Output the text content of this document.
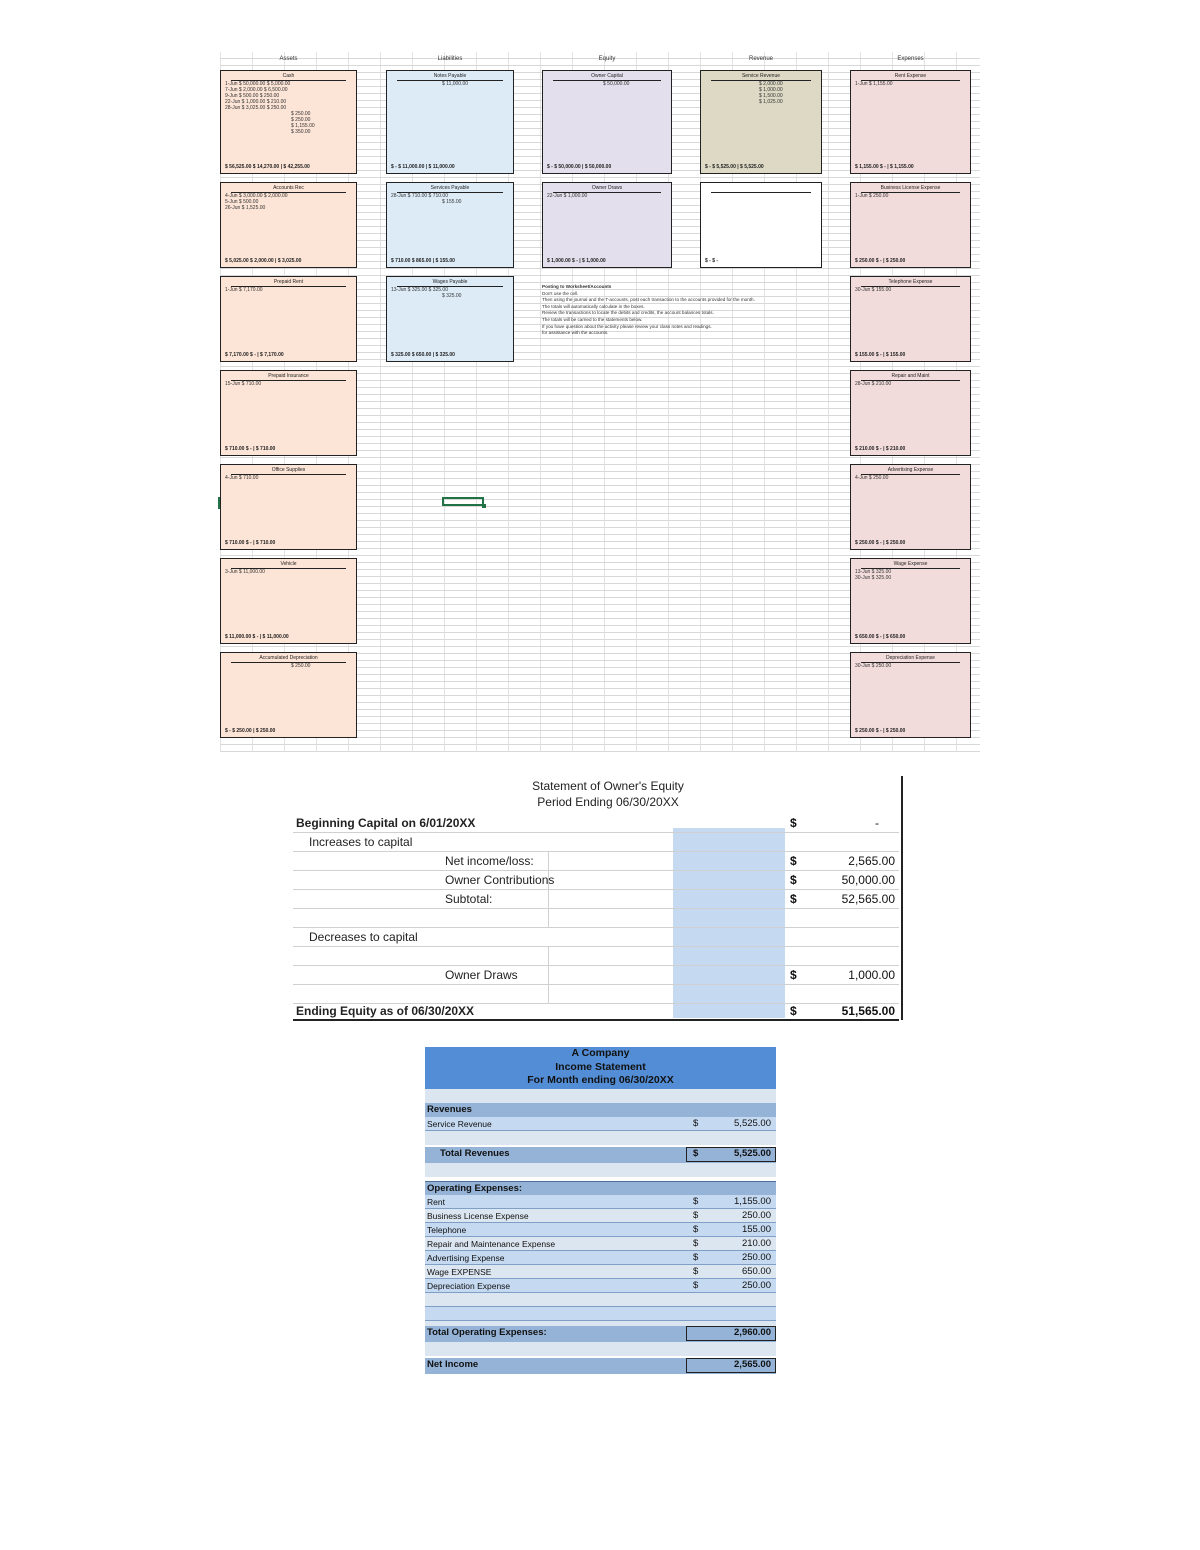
Assets	Liabilities	Equity	Revenue	Expenses
Cash
1-Jun $ 50,000.00 $ 5,000.00
7-Jun $ 2,000.00 $ 6,500.00
9-Jun $ 500.00 $ 250.00
22-Jun $ 1,000.00 $ 210.00
28-Jun $ 3,025.00 $ 250.00
$ 250.00
$ 250.00
$ 1,155.00
$ 350.00
$ 56,525.00 $ 14,270.00 | $ 42,255.00
Accounts Rec
4-Jun $ 3,000.00 $ 2,000.00
5-Jun $ 500.00
26-Jun $ 1,525.00
$ 5,025.00 $ 2,000.00 | $ 3,025.00
Prepaid Rent
1-Jun $ 7,170.00
$ 7,170.00 $ - | $ 7,170.00
Prepaid Insurance
15-Jun $ 710.00
$ 710.00 $ - | $ 710.00
Office Supplies
4-Jun $ 710.00
$ 710.00 $ - | $ 710.00
Vehicle
3-Jun $ 11,000.00
$ 11,000.00 $ - | $ 11,000.00
Accumulated Depreciation
$ 250.00
$ - $ 250.00 | $ 250.00
Notes Payable
$ 11,000.00
$ - $ 11,000.00 | $ 11,000.00
Services Payable
28-Jun $ 710.00 $ 710.00
$ 155.00
$ 710.00 $ 865.00 | $ 155.00
Wages Payable
13-Jun $ 325.00 $ 325.00
$ 325.00
$ 325.00 $ 650.00 | $ 325.00
Owner Capital
$ 50,000.00
$ - $ 50,000.00 | $ 50,000.00
Owner Draws
22-Jun $ 1,000.00
$ 1,000.00 $ - | $ 1,000.00
Service Revenue
$ 2,000.00
$ 1,000.00
$ 1,500.00
$ 1,025.00
$ - $ 5,525.00 | $ 5,525.00
$ - $ -
Rent Expense
1-Jun $ 1,155.00
$ 1,155.00 $ - | $ 1,155.00
Business License Expense
1-Jun $ 250.00
$ 250.00 $ - | $ 250.00
Telephone Expense
30-Jun $ 155.00
$ 155.00 $ - | $ 155.00
Repair and Maint
28-Jun $ 210.00
$ 210.00 $ - | $ 210.00
Advertising Expense
4-Jun $ 250.00
$ 250.00 $ - | $ 250.00
Wage Expense
13-Jun $ 325.00
30-Jun $ 325.00
$ 650.00 $ - | $ 650.00
Depreciation Expense
30-Jun $ 250.00
$ 250.00 $ - | $ 250.00
Posting to Worksheet/Accounts
Don't use the cell.
Then using the journal and the T-accounts, post each transaction to the accounts provided for the month.
The totals will automatically calculate in the boxes.
Review the transactions to locate the debits and credits, the account balances totals.
The totals will be carried to the statements below.
If you have question about the activity please review your class notes and readings.
for assistance with the accounts.
Statement of Owner's Equity
Period Ending 06/30/20XX
Beginning Capital on 6/01/20XX	$	-
Increases to capital
Net income/loss:	$	2,565.00
Owner Contributions	$	50,000.00
Subtotal:	$	52,565.00
Decreases to capital
Owner Draws	$	1,000.00
Ending Equity as of 06/30/20XX	$	51,565.00
A Company
Income Statement
For Month ending 06/30/20XX
Revenues
Service Revenue	$	5,525.00
Total Revenues	$	5,525.00
Operating Expenses:
Rent	$	1,155.00
Business License Expense	$	250.00
Telephone	$	155.00
Repair and Maintenance Expense	$	210.00
Advertising Expense	$	250.00
Wage EXPENSE	$	650.00
Depreciation Expense	$	250.00
Total Operating Expenses:	2,960.00
Net Income	2,565.00
